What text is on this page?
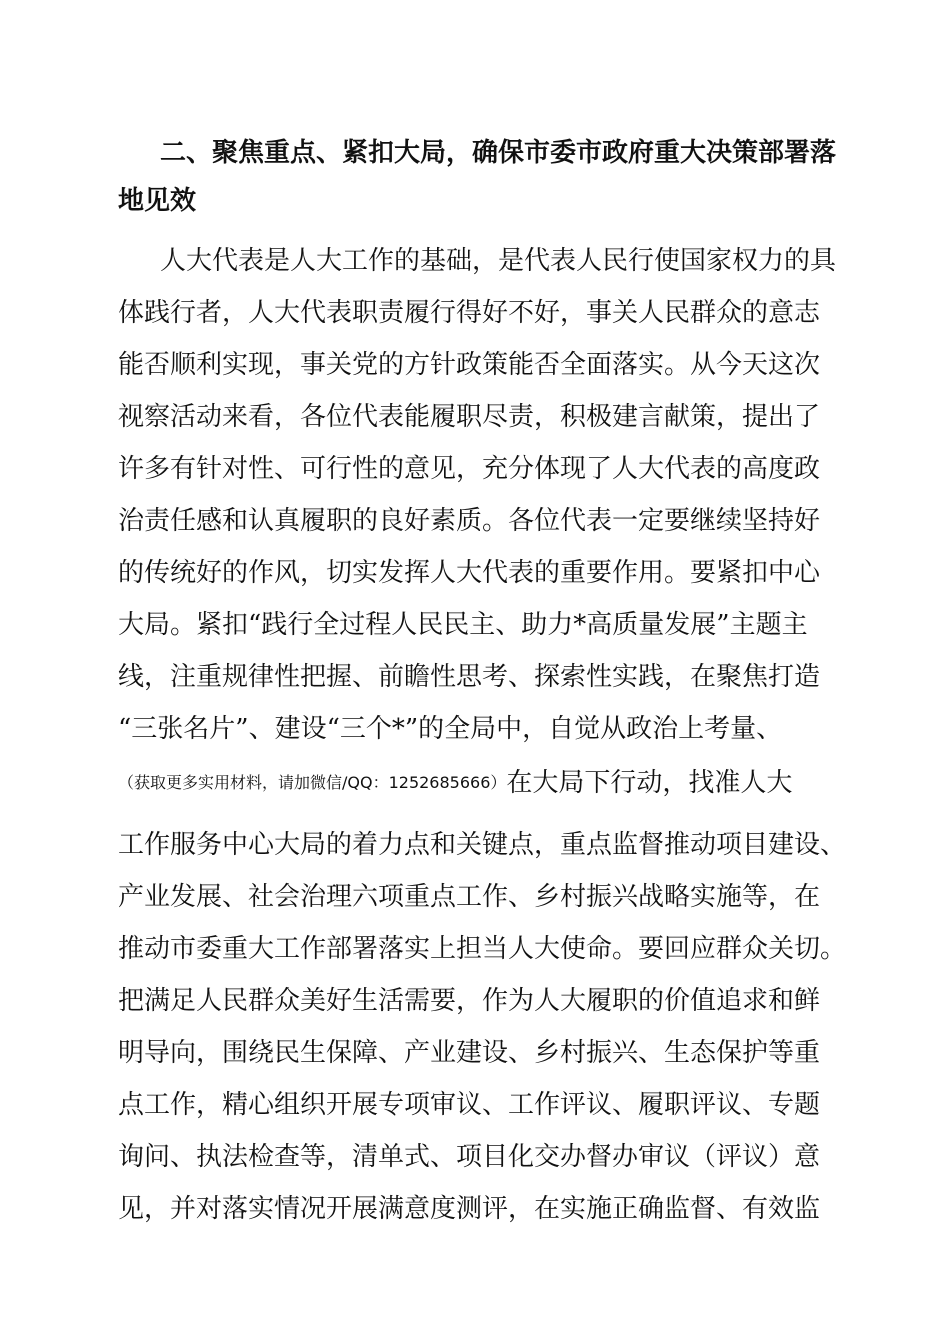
二、聚焦重点、紧扣大局，确保市委市政府重大决策部署落
地见效
人大代表是人大工作的基础，是代表人民行使国家权力的具
体践行者，人大代表职责履行得好不好，事关人民群众的意志
能否顺利实现，事关党的方针政策能否全面落实。从今天这次
视察活动来看，各位代表能履职尽责，积极建言献策，提出了
许多有针对性、可行性的意见，充分体现了人大代表的高度政
治责任感和认真履职的良好素质。各位代表一定要继续坚持好
的传统好的作风，切实发挥人大代表的重要作用。要紧扣中心
大局。紧扣“践行全过程人民民主、助力*高质量发展”主题主
线，注重规律性把握、前瞻性思考、探索性实践，在聚焦打造
“三张名片”、建设“三个*”的全局中，自觉从政治上考量、
（获取更多实用材料，请加微信/QQ：1252685666）在大局下行动，找准人大
工作服务中心大局的着力点和关键点，重点监督推动项目建设、
产业发展、社会治理六项重点工作、乡村振兴战略实施等，在
推动市委重大工作部署落实上担当人大使命。要回应群众关切。
把满足人民群众美好生活需要，作为人大履职的价值追求和鲜
明导向，围绕民生保障、产业建设、乡村振兴、生态保护等重
点工作，精心组织开展专项审议、工作评议、履职评议、专题
询问、执法检查等，清单式、项目化交办督办审议（评议）意
见，并对落实情况开展满意度测评，在实施正确监督、有效监
